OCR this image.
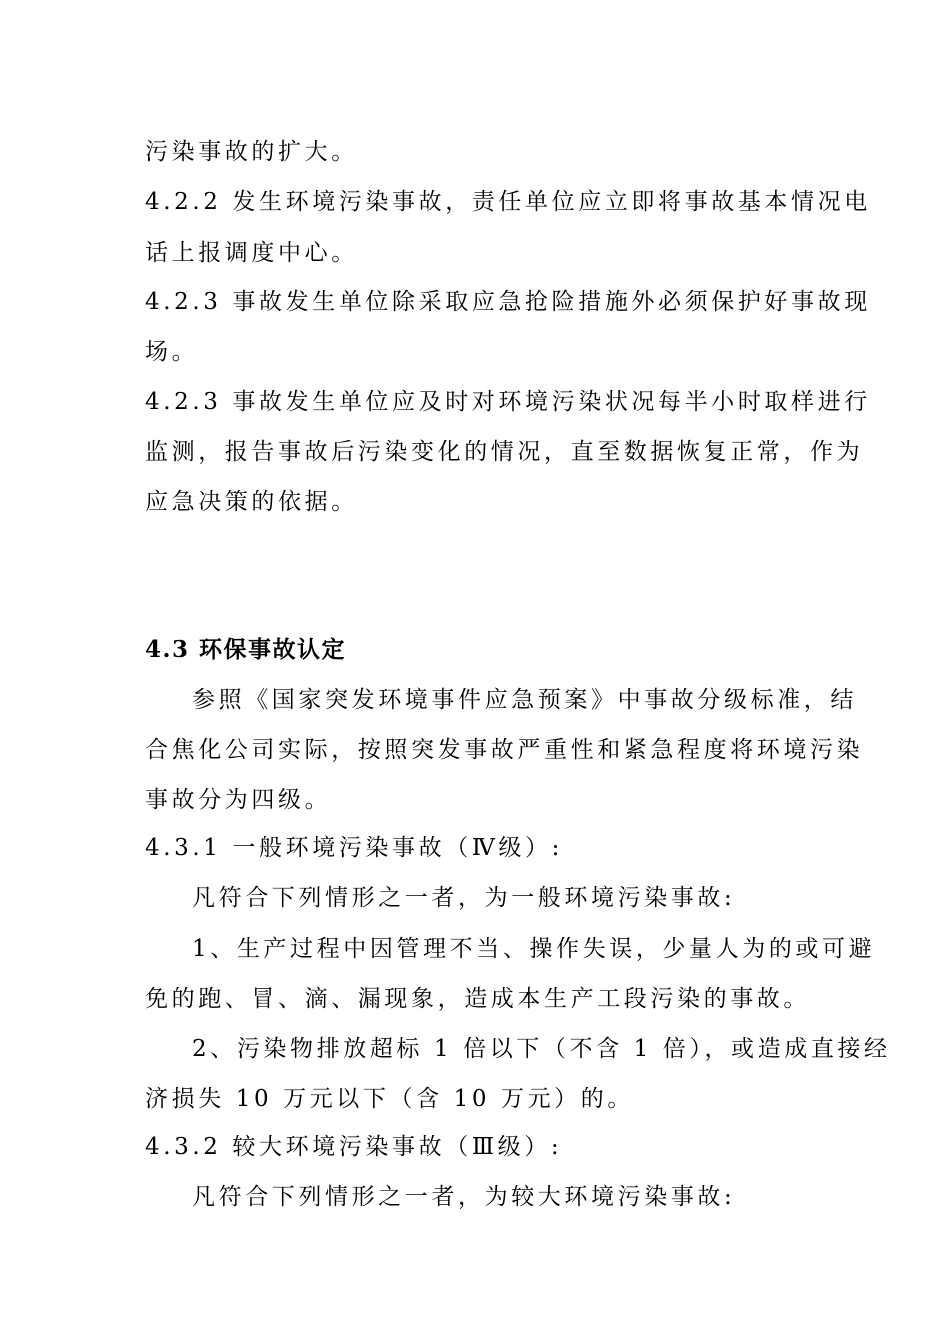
污染事故的扩大。
4.2.2 发生环境污染事故，责任单位应立即将事故基本情况电
话上报调度中心。
4.2.3 事故发生单位除采取应急抢险措施外必须保护好事故现
场。
4.2.3 事故发生单位应及时对环境污染状况每半小时取样进行
监测，报告事故后污染变化的情况，直至数据恢复正常，作为
应急决策的依据。
4.3 环保事故认定
参照《国家突发环境事件应急预案》中事故分级标准，结
合焦化公司实际，按照突发事故严重性和紧急程度将环境污染
事故分为四级。
4.3.1 一般环境污染事故（Ⅳ级）:
凡符合下列情形之一者，为一般环境污染事故:
1、生产过程中因管理不当、操作失误，少量人为的或可避
免的跑、冒、滴、漏现象，造成本生产工段污染的事故。
2、污染物排放超标 1 倍以下（不含 1 倍），或造成直接经
济损失 10 万元以下（含 10 万元）的。
4.3.2 较大环境污染事故（Ⅲ级）:
凡符合下列情形之一者，为较大环境污染事故:
